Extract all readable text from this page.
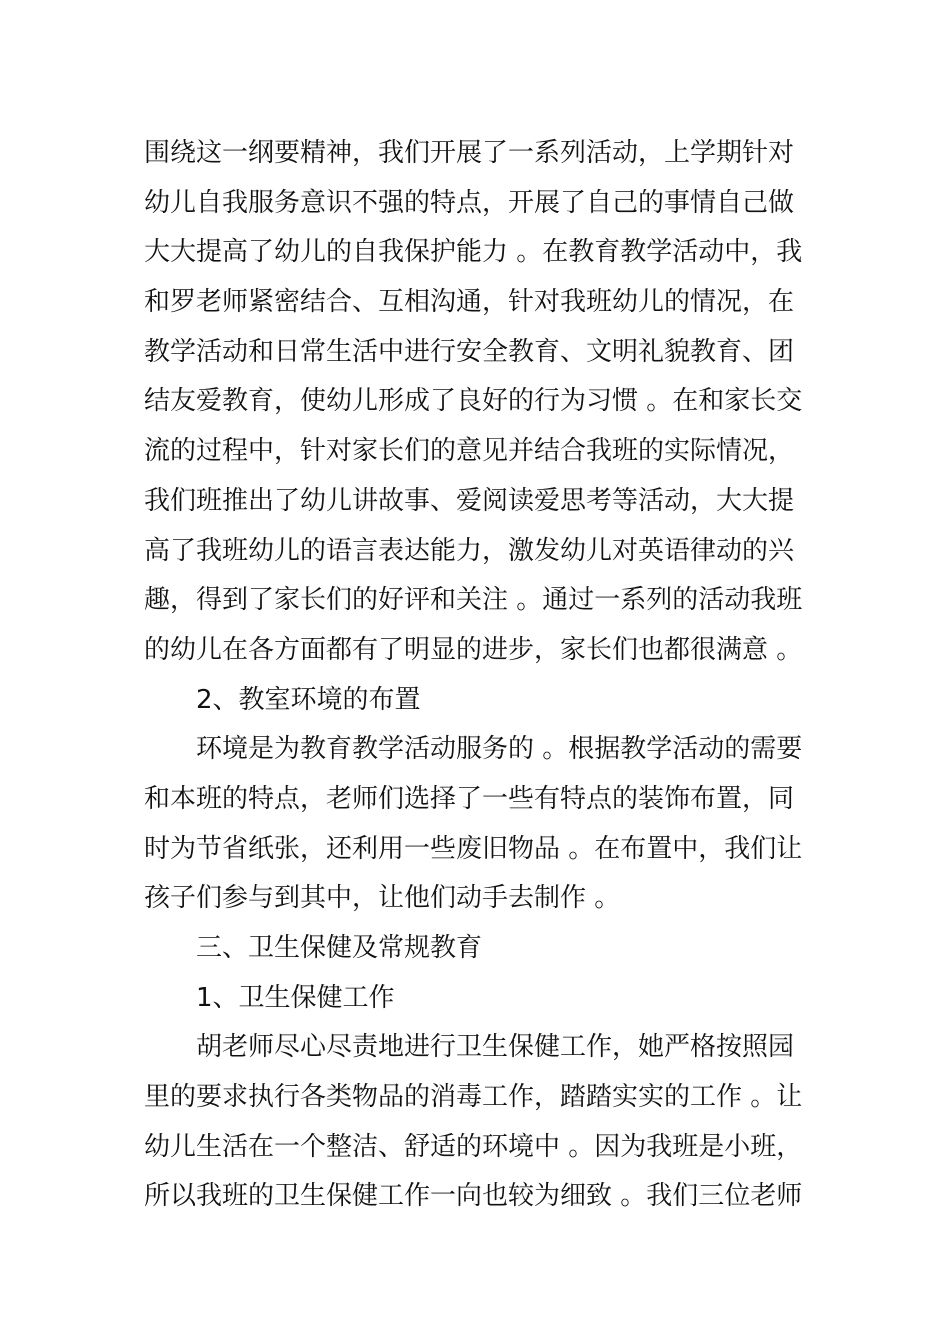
围绕这一纲要精神，我们开展了一系列活动，上学期针对
幼儿自我服务意识不强的特点，开展了自己的事情自己做
大大提高了幼儿的自我保护能力 。在教育教学活动中，我
和罗老师紧密结合、互相沟通，针对我班幼儿的情况，在
教学活动和日常生活中进行安全教育、文明礼貌教育、团
结友爱教育，使幼儿形成了良好的行为习惯 。在和家长交
流的过程中，针对家长们的意见并结合我班的实际情况，
我们班推出了幼儿讲故事、爱阅读爱思考等活动，大大提
高了我班幼儿的语言表达能力，激发幼儿对英语律动的兴
趣，得到了家长们的好评和关注 。通过一系列的活动我班
的幼儿在各方面都有了明显的进步，家长们也都很满意 。
2、教室环境的布置
环境是为教育教学活动服务的 。根据教学活动的需要
和本班的特点，老师们选择了一些有特点的装饰布置，同
时为节省纸张，还利用一些废旧物品 。在布置中，我们让
孩子们参与到其中，让他们动手去制作 。
三、卫生保健及常规教育
1、卫生保健工作
胡老师尽心尽责地进行卫生保健工作，她严格按照园
里的要求执行各类物品的消毒工作，踏踏实实的工作 。让
幼儿生活在一个整洁、舒适的环境中 。因为我班是小班，
所以我班的卫生保健工作一向也较为细致 。我们三位老师
